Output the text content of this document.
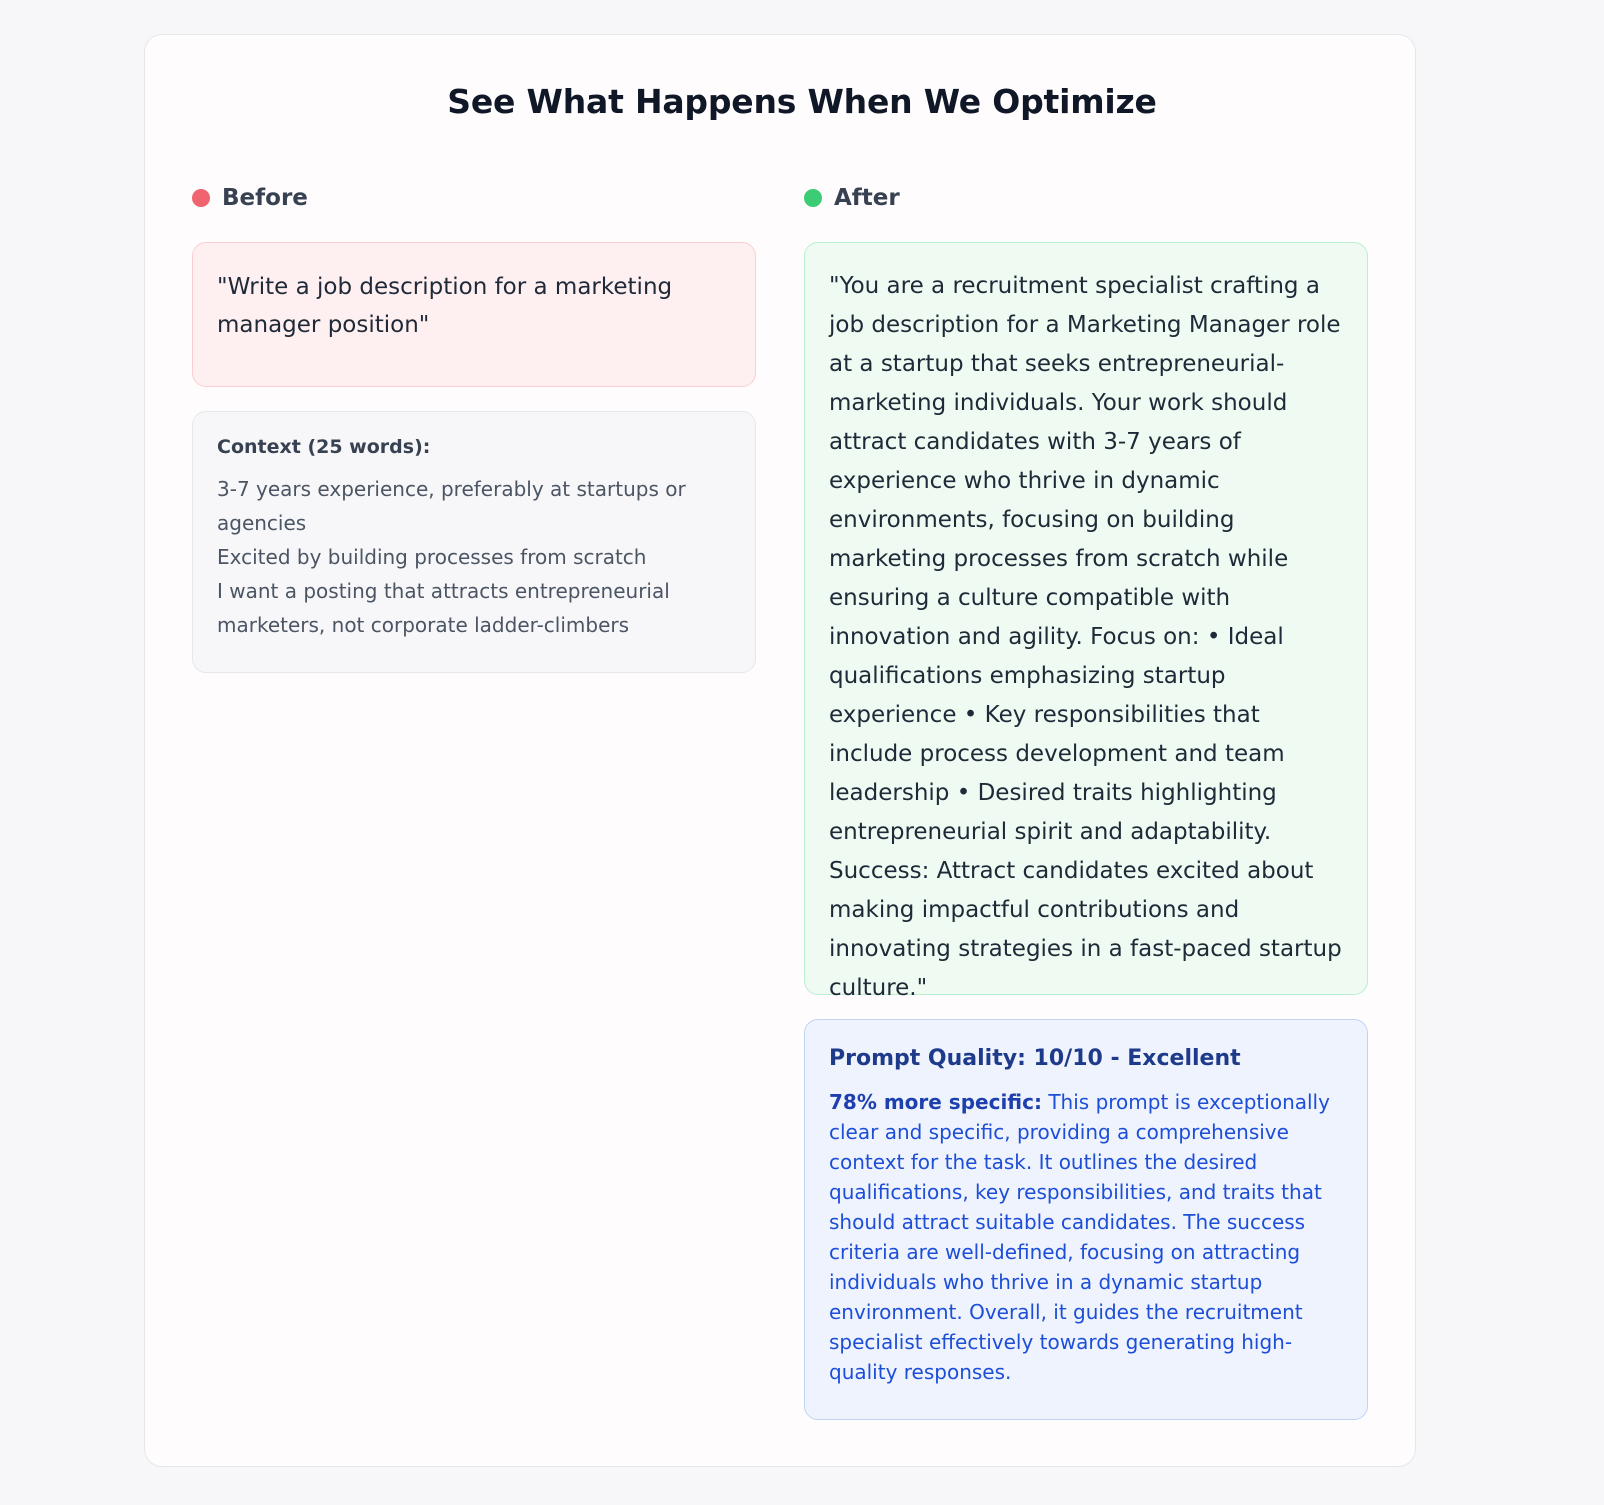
See What Happens When We Optimize
Before	After
"Write a job description for a marketing manager position"
Context (25 words):
3-7 years experience, preferably at startups or agencies
Excited by building processes from scratch
I want a posting that attracts entrepreneurial marketers, not corporate ladder-climbers
"You are a recruitment specialist crafting a job description for a Marketing Manager role at a startup that seeks entrepreneurial-marketing individuals. Your work should attract candidates with 3-7 years of experience who thrive in dynamic environments, focusing on building marketing processes from scratch while ensuring a culture compatible with innovation and agility. Focus on: • Ideal qualifications emphasizing startup experience • Key responsibilities that include process development and team leadership • Desired traits highlighting entrepreneurial spirit and adaptability. Success: Attract candidates excited about making impactful contributions and innovating strategies in a fast-paced startup culture."
Prompt Quality: 10/10 - Excellent
78% more specific: This prompt is exceptionally clear and specific, providing a comprehensive context for the task. It outlines the desired qualifications, key responsibilities, and traits that should attract suitable candidates. The success criteria are well-defined, focusing on attracting individuals who thrive in a dynamic startup environment. Overall, it guides the recruitment specialist effectively towards generating high-quality responses.
